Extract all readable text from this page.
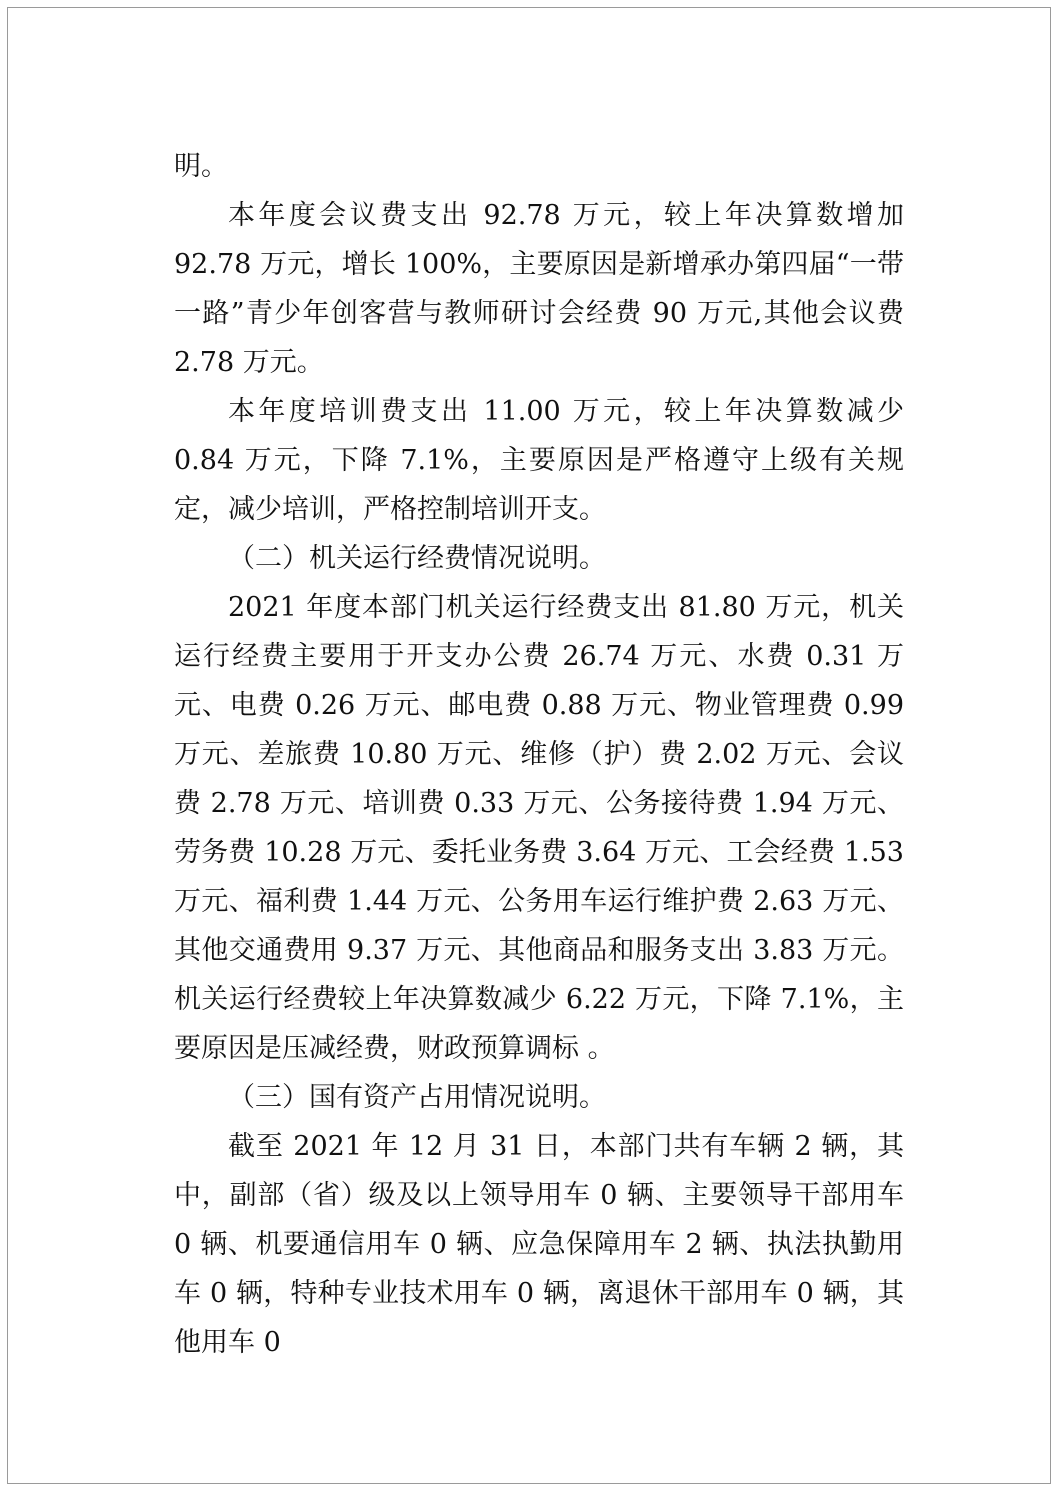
明。

本年度会议费支出 92.78 万元，较上年决算数增加 92.78 万元，增长 100%，主要原因是新增承办第四届“一带一路”青少年创客营与教师研讨会经费 90 万元,其他会议费 2.78 万元。

本年度培训费支出 11.00 万元，较上年决算数减少 0.84 万元，下降 7.1%，主要原因是严格遵守上级有关规定，减少培训，严格控制培训开支。

（二）机关运行经费情况说明。

2021 年度本部门机关运行经费支出 81.80 万元，机关运行经费主要用于开支办公费 26.74 万元、水费 0.31 万元、电费 0.26 万元、邮电费 0.88 万元、物业管理费 0.99 万元、差旅费 10.80 万元、维修（护）费 2.02 万元、会议费 2.78 万元、培训费 0.33 万元、公务接待费 1.94 万元、劳务费 10.28 万元、委托业务费 3.64 万元、工会经费 1.53 万元、福利费 1.44 万元、公务用车运行维护费 2.63 万元、其他交通费用 9.37 万元、其他商品和服务支出 3.83 万元。 机关运行经费较上年决算数减少 6.22 万元，下降 7.1%，主要原因是压减经费，财政预算调标 。

（三）国有资产占用情况说明。

截至 2021 年 12 月 31 日，本部门共有车辆 2 辆，其中，副部（省）级及以上领导用车 0 辆、主要领导干部用车 0 辆、机要通信用车 0 辆、应急保障用车 2 辆、执法执勤用车 0 辆，特种专业技术用车 0 辆，离退休干部用车 0 辆，其他用车 0
